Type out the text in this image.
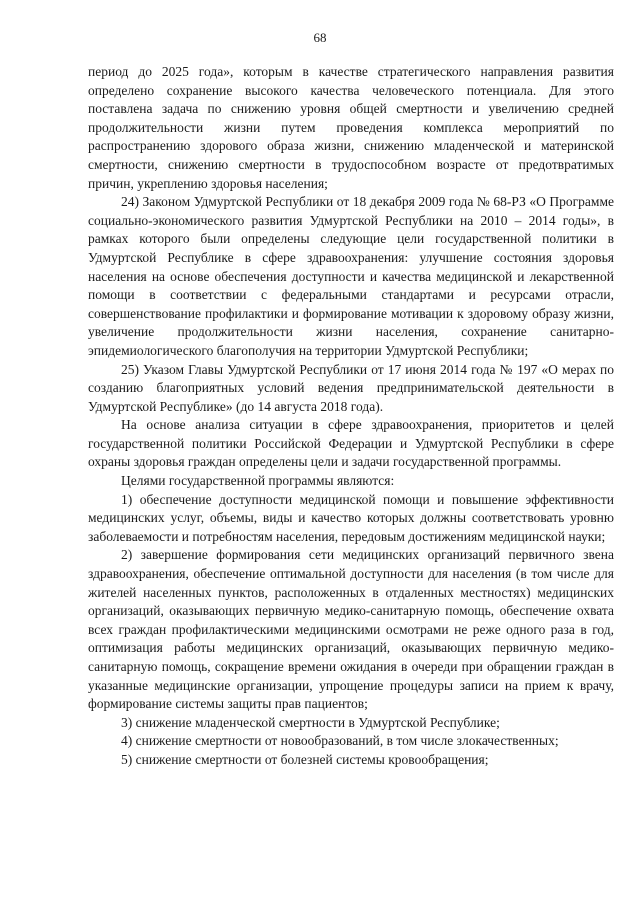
68

период до 2025 года», которым в качестве стратегического направления развития определено сохранение высокого качества человеческого потенциала. Для этого поставлена задача по снижению уровня общей смертности и увеличению средней продолжительности жизни путем проведения комплекса мероприятий по распространению здорового образа жизни, снижению младенческой и материнской смертности, снижению смертности в трудоспособном возрасте от предотвратимых причин, укреплению здоровья населения;

24) Законом Удмуртской Республики от 18 декабря 2009 года № 68-РЗ «О Программе социально-экономического развития Удмуртской Республики на 2010 – 2014 годы», в рамках которого были определены следующие цели государственной политики в Удмуртской Республике в сфере здравоохранения: улучшение состояния здоровья населения на основе обеспечения доступности и качества медицинской и лекарственной помощи в соответствии с федеральными стандартами и ресурсами отрасли, совершенствование профилактики и формирование мотивации к здоровому образу жизни, увеличение продолжительности жизни населения, сохранение санитарно-эпидемиологического благополучия на территории Удмуртской Республики;

25) Указом Главы Удмуртской Республики от 17 июня 2014 года № 197 «О мерах по созданию благоприятных условий ведения предпринимательской деятельности в Удмуртской Республике» (до 14 августа 2018 года).

На основе анализа ситуации в сфере здравоохранения, приоритетов и целей государственной политики Российской Федерации и Удмуртской Республики в сфере охраны здоровья граждан определены цели и задачи государственной программы.

Целями государственной программы являются:

1) обеспечение доступности медицинской помощи и повышение эффективности медицинских услуг, объемы, виды и качество которых должны соответствовать уровню заболеваемости и потребностям населения, передовым достижениям медицинской науки;

2) завершение формирования сети медицинских организаций первичного звена здравоохранения, обеспечение оптимальной доступности для населения (в том числе для жителей населенных пунктов, расположенных в отдаленных местностях) медицинских организаций, оказывающих первичную медико-санитарную помощь, обеспечение охвата всех граждан профилактическими медицинскими осмотрами не реже одного раза в год, оптимизация работы медицинских организаций, оказывающих первичную медико-санитарную помощь, сокращение времени ожидания в очереди при обращении граждан в указанные медицинские организации, упрощение процедуры записи на прием к врачу, формирование системы защиты прав пациентов;

3) снижение младенческой смертности в Удмуртской Республике;

4) снижение смертности от новообразований, в том числе злокачественных;

5) снижение смертности от болезней системы кровообращения;
